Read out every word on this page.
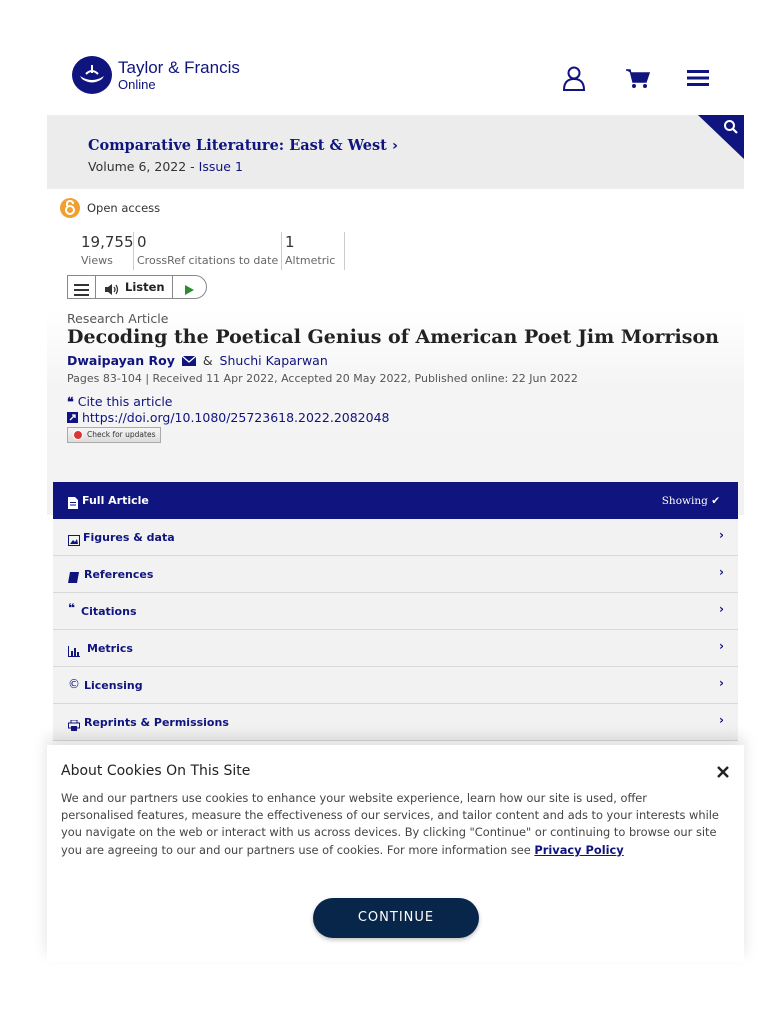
Taylor & Francis
Online
Comparative Literature: East & West ›
Volume 6, 2022 - Issue 1
Open access
19,755
Views
0
CrossRef citations to date
1
Altmetric
Listen
Research Article
Decoding the Poetical Genius of American Poet Jim Morrison
Dwaipayan Roy & Shuchi Kaparwan
Pages 83-104 | Received 11 Apr 2022, Accepted 20 May 2022, Published online: 22 Jun 2022
❝ Cite this article
https://doi.org/10.1080/25723618.2022.2082048
Check for updates
Full Article	Showing ✔
Figures & data	›
References	›
❝ Citations	›
Metrics	›
© Licensing	›
Reprints & Permissions	›
About Cookies On This Site
We and our partners use cookies to enhance your website experience, learn how our site is used, offer personalised features, measure the effectiveness of our services, and tailor content and ads to your interests while you navigate on the web or interact with us across devices. By clicking "Continue" or continuing to browse our site you are agreeing to our and our partners use of cookies. For more information see Privacy Policy
CONTINUE
